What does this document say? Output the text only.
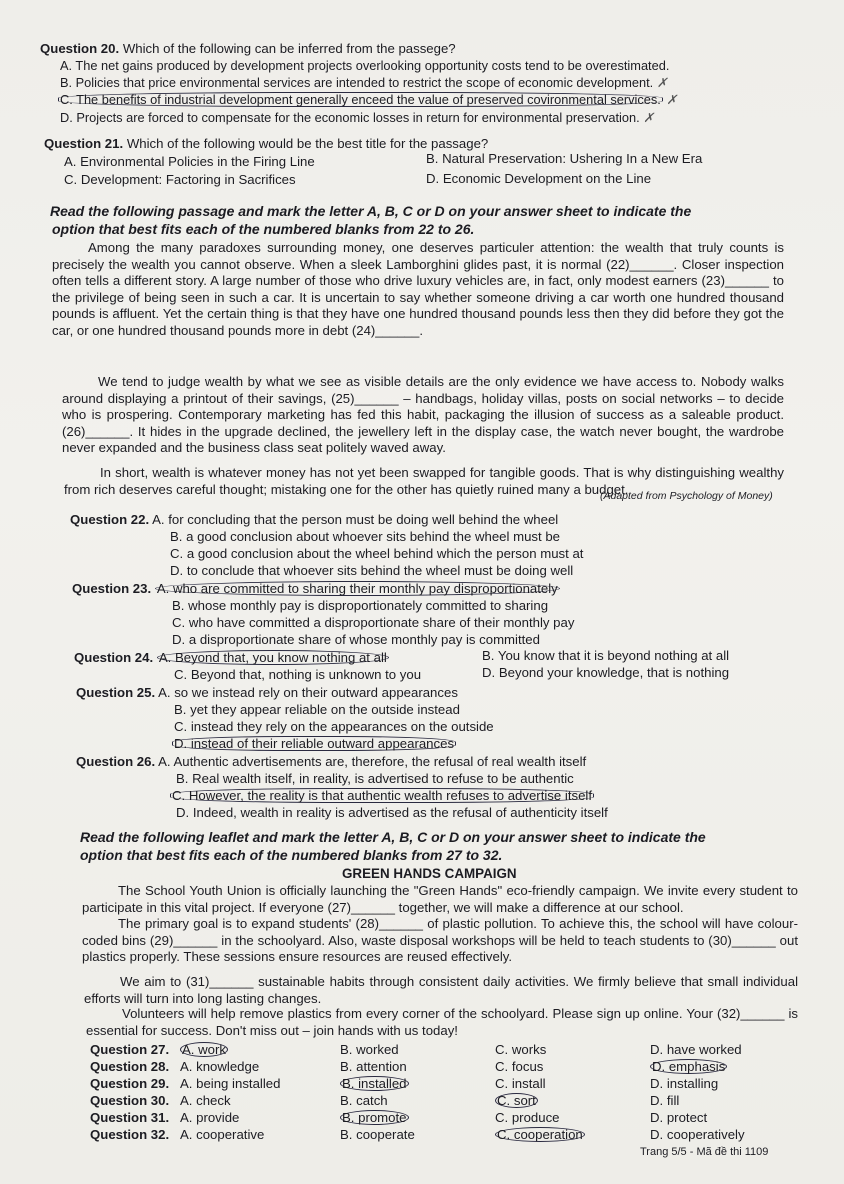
Question 20. Which of the following can be inferred from the passege?
A. The net gains produced by development projects overlooking opportunity costs tend to be overestimated.
B. Policies that price environmental services are intended to restrict the scope of economic development. ✗
C. The benefits of industrial development generally enceed the value of preserved covironmental services. ✗
D. Projects are forced to compensate for the economic losses in return for environmental preservation. ✗
Question 21. Which of the following would be the best title for the passage?
A. Environmental Policies in the Firing Line	B. Natural Preservation: Ushering In a New Era
C. Development: Factoring in Sacrifices	D. Economic Development on the Line
Read the following passage and mark the letter A, B, C or D on your answer sheet to indicate the
option that best fits each of the numbered blanks from 22 to 26.
Among the many paradoxes surrounding money, one deserves particuler attention: the wealth that truly counts is precisely the wealth you cannot observe. When a sleek Lamborghini glides past, it is normal (22)______. Closer inspection often tells a different story. A large number of those who drive luxury vehicles are, in fact, only modest earners (23)______ to the privilege of being seen in such a car. It is uncertain to say whether someone driving a car worth one hundred thousand pounds is affluent. Yet the certain thing is that they have one hundred thousand pounds less then they did before they got the car, or one hundred thousand pounds more in debt (24)______.
We tend to judge wealth by what we see as visible details are the only evidence we have access to. Nobody walks around displaying a printout of their savings, (25)______ – handbags, holiday villas, posts on social networks – to decide who is prospering. Contemporary marketing has fed this habit, packaging the illusion of success as a saleable product. (26)______. It hides in the upgrade declined, the jewellery left in the display case, the watch never bought, the wardrobe never expanded and the business class seat politely waved away.
In short, wealth is whatever money has not yet been swapped for tangible goods. That is why distinguishing wealthy from rich deserves careful thought; mistaking one for the other has quietly ruined many a budget.
(Adapted from Psychology of Money)
Question 22. A. for concluding that the person must be doing well behind the wheel
B. a good conclusion about whoever sits behind the wheel must be
C. a good conclusion about the wheel behind which the person must at
D. to conclude that whoever sits behind the wheel must be doing well
Question 23. A. who are committed to sharing their monthly pay disproportionately
B. whose monthly pay is disproportionately committed to sharing
C. who have committed a disproportionate share of their monthly pay
D. a disproportionate share of whose monthly pay is committed
Question 24. A. Beyond that, you know nothing at all	B. You know that it is beyond nothing at all
C. Beyond that, nothing is unknown to you	D. Beyond your knowledge, that is nothing
Question 25. A. so we instead rely on their outward appearances
B. yet they appear reliable on the outside instead
C. instead they rely on the appearances on the outside
D. instead of their reliable outward appearances
Question 26. A. Authentic advertisements are, therefore, the refusal of real wealth itself
B. Real wealth itself, in reality, is advertised to refuse to be authentic
C. However, the reality is that authentic wealth refuses to advertise itself
D. Indeed, wealth in reality is advertised as the refusal of authenticity itself
Read the following leaflet and mark the letter A, B, C or D on your answer sheet to indicate the
option that best fits each of the numbered blanks from 27 to 32.
GREEN HANDS CAMPAIGN
The School Youth Union is officially launching the "Green Hands" eco-friendly campaign. We invite every student to participate in this vital project. If everyone (27)______ together, we will make a difference at our school.
The primary goal is to expand students' (28)______ of plastic pollution. To achieve this, the school will have colour-coded bins (29)______ in the schoolyard. Also, waste disposal workshops will be held to teach students to (30)______ out plastics properly. These sessions ensure resources are reused effectively.
We aim to (31)______ sustainable habits through consistent daily activities. We firmly believe that small individual efforts will turn into long lasting changes.
Volunteers will help remove plastics from every corner of the schoolyard. Please sign up online. Your (32)______ is essential for success. Don't miss out – join hands with us today!
Question 27. A. work	B. worked	C. works	D. have worked
Question 28. A. knowledge	B. attention	C. focus	D. emphasis
Question 29. A. being installed	B. installed	C. install	D. installing
Question 30. A. check	B. catch	C. sort	D. fill
Question 31. A. provide	B. promote	C. produce	D. protect
Question 32. A. cooperative	B. cooperate	C. cooperation	D. cooperatively
Trang 5/5 - Mã đề thi 1109
